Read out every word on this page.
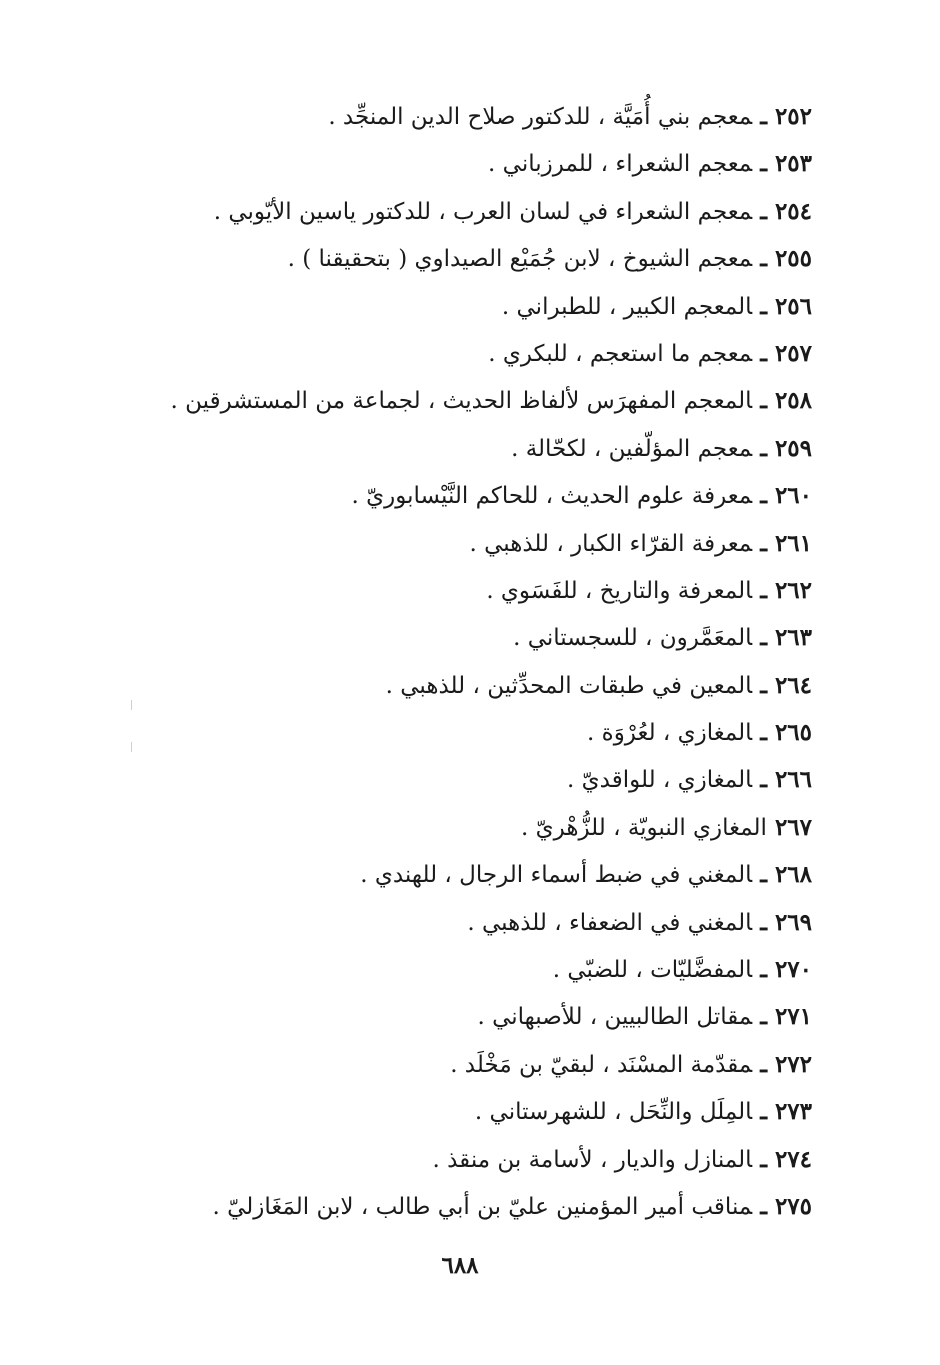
٢٥٢ ـمعجم بني أُمَيَّة ، للدكتور صلاح الدين المنجِّد .
٢٥٣ ـمعجم الشعراء ، للمرزباني .
٢٥٤ ـمعجم الشعراء في لسان العرب ، للدكتور ياسين الأيّوبي .
٢٥٥ ـمعجم الشيوخ ، لابن جُمَيْع الصيداوي ( بتحقيقنا ) .
٢٥٦ ـالمعجم الكبير ، للطبراني .
٢٥٧ ـمعجم ما استعجم ، للبكري .
٢٥٨ ـالمعجم المفهرَس لألفاظ الحديث ، لجماعة من المستشرقين .
٢٥٩ ـمعجم المؤلّفين ، لكحّالة .
٢٦٠ ـمعرفة علوم الحديث ، للحاكم النَّيْسابوريّ .
٢٦١ ـمعرفة القرّاء الكبار ، للذهبي .
٢٦٢ ـالمعرفة والتاريخ ، للفَسَوي .
٢٦٣ ـالمعَمَّرون ، للسجستاني .
٢٦٤ ـالمعين في طبقات المحدِّثين ، للذهبي .
٢٦٥ ـالمغازي ، لعُرْوَة .
٢٦٦ ـالمغازي ، للواقديّ .
٢٦٧المغازي النبويّة ، للزُّهْريّ .
٢٦٨ ـالمغني في ضبط أسماء الرجال ، للهندي .
٢٦٩ ـالمغني في الضعفاء ، للذهبي .
٢٧٠ ـالمفضَّليّات ، للضبّي .
٢٧١ ـمقاتل الطالبيين ، للأصبهاني .
٢٧٢ ـمقدّمة المسْنَد ، لبقيّ بن مَخْلَد .
٢٧٣ ـالمِلَل والنِّحَل ، للشهرستاني .
٢٧٤ ـالمنازل والديار ، لأسامة بن منقذ .
٢٧٥ ـمناقب أمير المؤمنين عليّ بن أبي طالب ، لابن المَغَازليّ .
٦٨٨
